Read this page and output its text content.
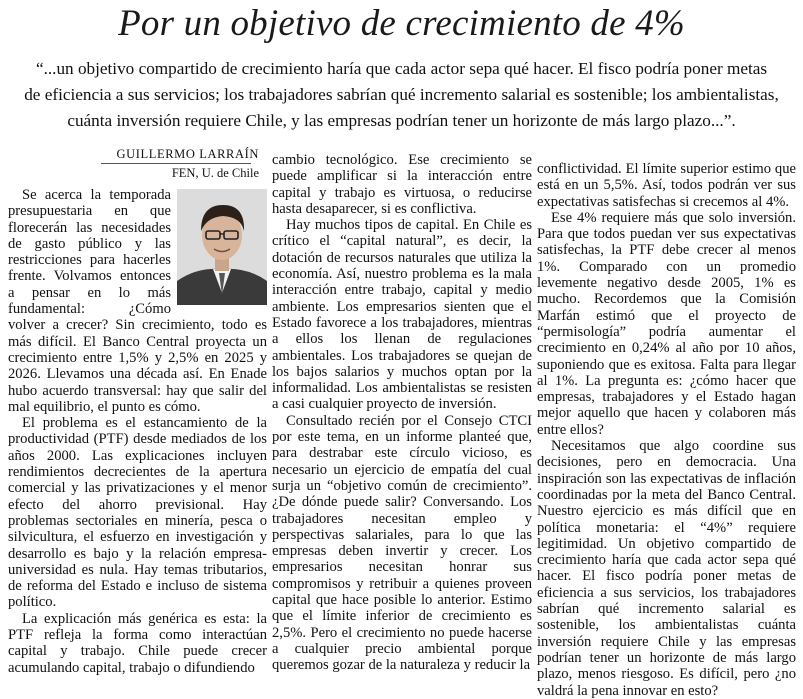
Por un objetivo de crecimiento de 4%
“...un objetivo compartido de crecimiento haría que cada actor sepa qué hacer. El fisco podría poner metas
de eficiencia a sus servicios; los trabajadores sabrían qué incremento salarial es sostenible; los ambientalistas,
cuánta inversión requiere Chile, y las empresas podrían tener un horizonte de más largo plazo...”.
GUILLERMO LARRAÍN
FEN, U. de Chile

Se acerca la temporada presupuestaria en que florecerán las necesidades de gasto público y las restricciones para hacerles frente. Volvamos entonces a pensar en lo más fundamental: ¿Cómo volver a crecer? Sin crecimiento, todo es más difícil. El Banco Central proyecta un crecimiento entre 1,5% y 2,5% en 2025 y 2026. Llevamos una década así. En Enade hubo acuerdo transversal: hay que salir del mal equilibrio, el punto es cómo.

El problema es el estancamiento de la productividad (PTF) desde mediados de los años 2000. Las explicaciones incluyen rendimientos decrecientes de la apertura comercial y las privatizaciones y el menor efecto del ahorro previsional. Hay problemas sectoriales en minería, pesca o silvicultura, el esfuerzo en investigación y desarrollo es bajo y la relación empresa-universidad es nula. Hay temas tributarios, de reforma del Estado e incluso de sistema político.

La explicación más genérica es esta: la PTF refleja la forma como interactúan capital y trabajo. Chile puede crecer acumulando capital, trabajo o difundiendo

cambio tecnológico. Ese crecimiento se puede amplificar si la interacción entre capital y trabajo es virtuosa, o reducirse hasta desaparecer, si es conflictiva.

Hay muchos tipos de capital. En Chile es crítico el “capital natural”, es decir, la dotación de recursos naturales que utiliza la economía. Así, nuestro problema es la mala interacción entre trabajo, capital y medio ambiente. Los empresarios sienten que el Estado favorece a los trabajadores, mientras a ellos los llenan de regulaciones ambientales. Los trabajadores se quejan de los bajos salarios y muchos optan por la informalidad. Los ambientalistas se resisten a casi cualquier proyecto de inversión.

Consultado recién por el Consejo CTCI por este tema, en un informe planteé que, para destrabar este círculo vicioso, es necesario un ejercicio de empatía del cual surja un “objetivo común de crecimiento”. ¿De dónde puede salir? Conversando. Los trabajadores necesitan empleo y perspectivas salariales, para lo que las empresas deben invertir y crecer. Los empresarios necesitan honrar sus compromisos y retribuir a quienes proveen capital que hace posible lo anterior. Estimo que el límite inferior de crecimiento es 2,5%. Pero el crecimiento no puede hacerse a cualquier precio ambiental porque queremos gozar de la naturaleza y reducir la

conflictividad. El límite superior estimo que está en un 5,5%. Así, todos podrán ver sus expectativas satisfechas si crecemos al 4%.

Ese 4% requiere más que solo inversión. Para que todos puedan ver sus expectativas satisfechas, la PTF debe crecer al menos 1%. Comparado con un promedio levemente negativo desde 2005, 1% es mucho. Recordemos que la Comisión Marfán estimó que el proyecto de “permisología” podría aumentar el crecimiento en 0,24% al año por 10 años, suponiendo que es exitosa. Falta para llegar al 1%. La pregunta es: ¿cómo hacer que empresas, trabajadores y el Estado hagan mejor aquello que hacen y colaboren más entre ellos?

Necesitamos que algo coordine sus decisiones, pero en democracia. Una inspiración son las expectativas de inflación coordinadas por la meta del Banco Central. Nuestro ejercicio es más difícil que en política monetaria: el “4%” requiere legitimidad. Un objetivo compartido de crecimiento haría que cada actor sepa qué hacer. El fisco podría poner metas de eficiencia a sus servicios, los trabajadores sabrían qué incremento salarial es sostenible, los ambientalistas cuánta inversión requiere Chile y las empresas podrían tener un horizonte de más largo plazo, menos riesgoso. Es difícil, pero ¿no valdrá la pena innovar en esto?
